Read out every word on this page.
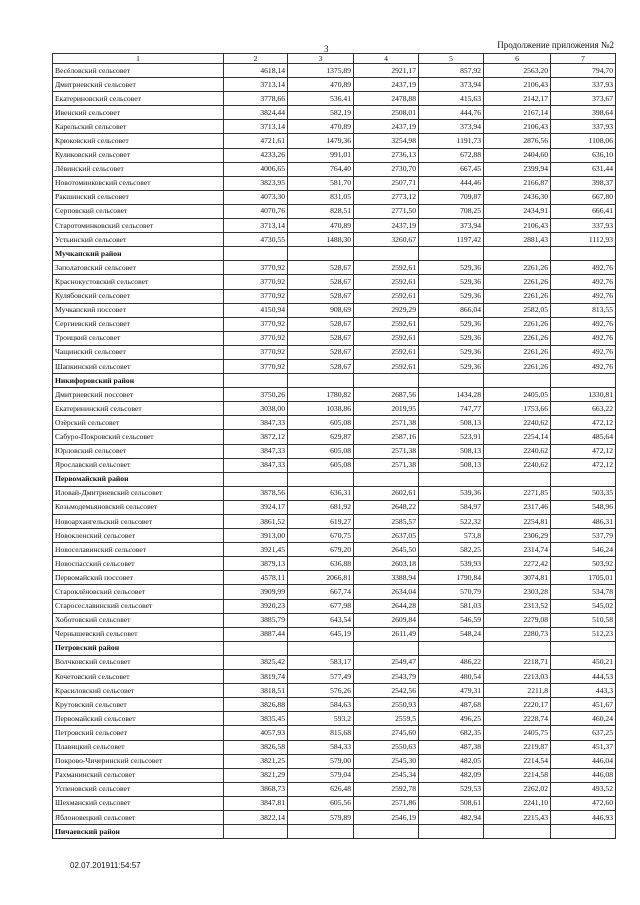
3	Продолжение приложения №2
1	2	3	4	5	6	7
Весёловский сельсовет	4618,14	1375,89	2921,17	857,92	2563,20	794,70
Дмитриевский сельсовет	3713,14	470,89	2437,19	373,94	2106,43	337,93
Екатериновский сельсовет	3778,66	536,41	2478,88	415,63	2142,17	373,67
Ивенский сельсовет	3824,44	582,19	2508,01	444,76	2167,14	398,64
Карельский сельсовет	3713,14	470,89	2437,19	373,94	2106,43	337,93
Крюковский сельсовет	4721,61	1479,36	3254,98	1191,73	2876,56	1108,06
Куликовский сельсовет	4233,26	991,01	2736,13	672,88	2404,60	636,10
Лёвинский сельсовет	4006,65	764,40	2730,70	667,45	2399,94	631,44
Новотоминковский сельсовет	3823,95	581,70	2507,71	444,46	2166,87	398,37
Ракшинский сельсовет	4073,30	831,05	2773,12	709,87	2436,30	667,80
Серповский сельсовет	4070,76	828,51	2771,50	708,25	2434,91	666,41
Старотоминковский сельсовет	3713,14	470,89	2437,19	373,94	2106,43	337,93
Устьинский сельсовет	4730,55	1488,30	3260,67	1197,42	2881,43	1112,93
Мучкапский район						
Заполатовский сельсовет	3770,92	528,67	2592,61	529,36	2261,26	492,76
Краснокустовский сельсовет	3770,92	528,67	2592,61	529,36	2261,26	492,76
Кулябовский сельсовет	3770,92	528,67	2592,61	529,36	2261,26	492,76
Мучкапский поссовет	4150,94	908,69	2929,29	866,04	2582,05	813,55
Сергиевский сельсовет	3770,92	528,67	2592,61	529,36	2261,26	492,76
Троицкий сельсовет	3770,92	528,67	2592,61	529,36	2261,26	492,76
Чащинский сельсовет	3770,92	528,67	2592,61	529,36	2261,26	492,76
Шапкинский сельсовет	3770,92	528,67	2592,61	529,36	2261,26	492,76
Никифоровский район						
Дмитриевский поссовет	3750,26	1780,82	2687,56	1434,28	2405,05	1330,81
Екатерининский сельсовет	3038,00	1038,86	2019,95	747,77	1753,66	663,22
Озёрский сельсовет	3847,33	605,08	2571,38	508,13	2240,62	472,12
Сабуро-Покровский сельсовет	3872,12	629,87	2587,16	523,91	2254,14	485,64
Юрловский сельсовет	3847,33	605,08	2571,38	508,13	2240,62	472,12
Ярославский сельсовет	3847,33	605,08	2571,38	508,13	2240,62	472,12
Первомайский район						
Иловай-Дмитриевский сельсовет	3878,56	636,31	2602,61	539,36	2271,85	503,35
Козьмодемьяновский сельсовет	3924,17	681,92	2648,22	584,97	2317,46	548,96
Новоархангельский сельсовет	3861,52	619,27	2585,57	522,32	2254,81	486,31
Новокленский сельсовет	3913,00	670,75	2637,05	573,8	2306,29	537,79
Новоселавинский сельсовет	3921,45	679,20	2645,50	582,25	2314,74	546,24
Новоспасский сельсовет	3879,13	636,88	2603,18	539,93	2272,42	503,92
Первомайский поссовет	4578,11	2066,81	3388,94	1790,84	3074,81	1705,01
Староклёновский сельсовет	3909,99	667,74	2634,04	570,79	2303,28	534,78
Старосеславинский сельсовет	3920,23	677,98	2644,28	581,03	2313,52	545,02
Хоботовский сельсовет	3885,79	643,54	2609,84	546,59	2279,08	510,58
Чернышевский сельсовет	3887,44	645,19	2611,49	548,24	2280,73	512,23
Петровский район						
Волчковский сельсовет	3825,42	583,17	2549,47	486,22	2218,71	450,21
Кочетовский сельсовет	3819,74	577,49	2543,79	480,54	2213,03	444,53
Красиловский сельсовет	3818,51	576,26	2542,56	479,31	2211,8	443,3
Крутовский сельсовет	3826,88	584,63	2550,93	487,68	2220,17	451,67
Первомайский сельсовет	3835,45	593,2	2559,5	496,25	2228,74	460,24
Петровский сельсовет	4057,93	815,68	2745,60	682,35	2405,75	637,25
Плавицкий сельсовет	3826,58	584,33	2550,63	487,38	2219,87	451,37
Покрово-Чичеринский сельсовет	3821,25	579,00	2545,30	482,05	2214,54	446,04
Рахманинский сельсовет	3821,29	579,04	2545,34	482,09	2214,58	446,08
Успеновский сельсовет	3868,73	626,48	2592,78	529,53	2262,02	493,52
Шехманский сельсовет	3847,81	605,56	2571,86	508,61	2241,10	472,60
Яблоновецкий сельсовет	3822,14	579,89	2546,19	482,94	2215,43	446,93
Пичаевский район						
02.07.201911:54:57
